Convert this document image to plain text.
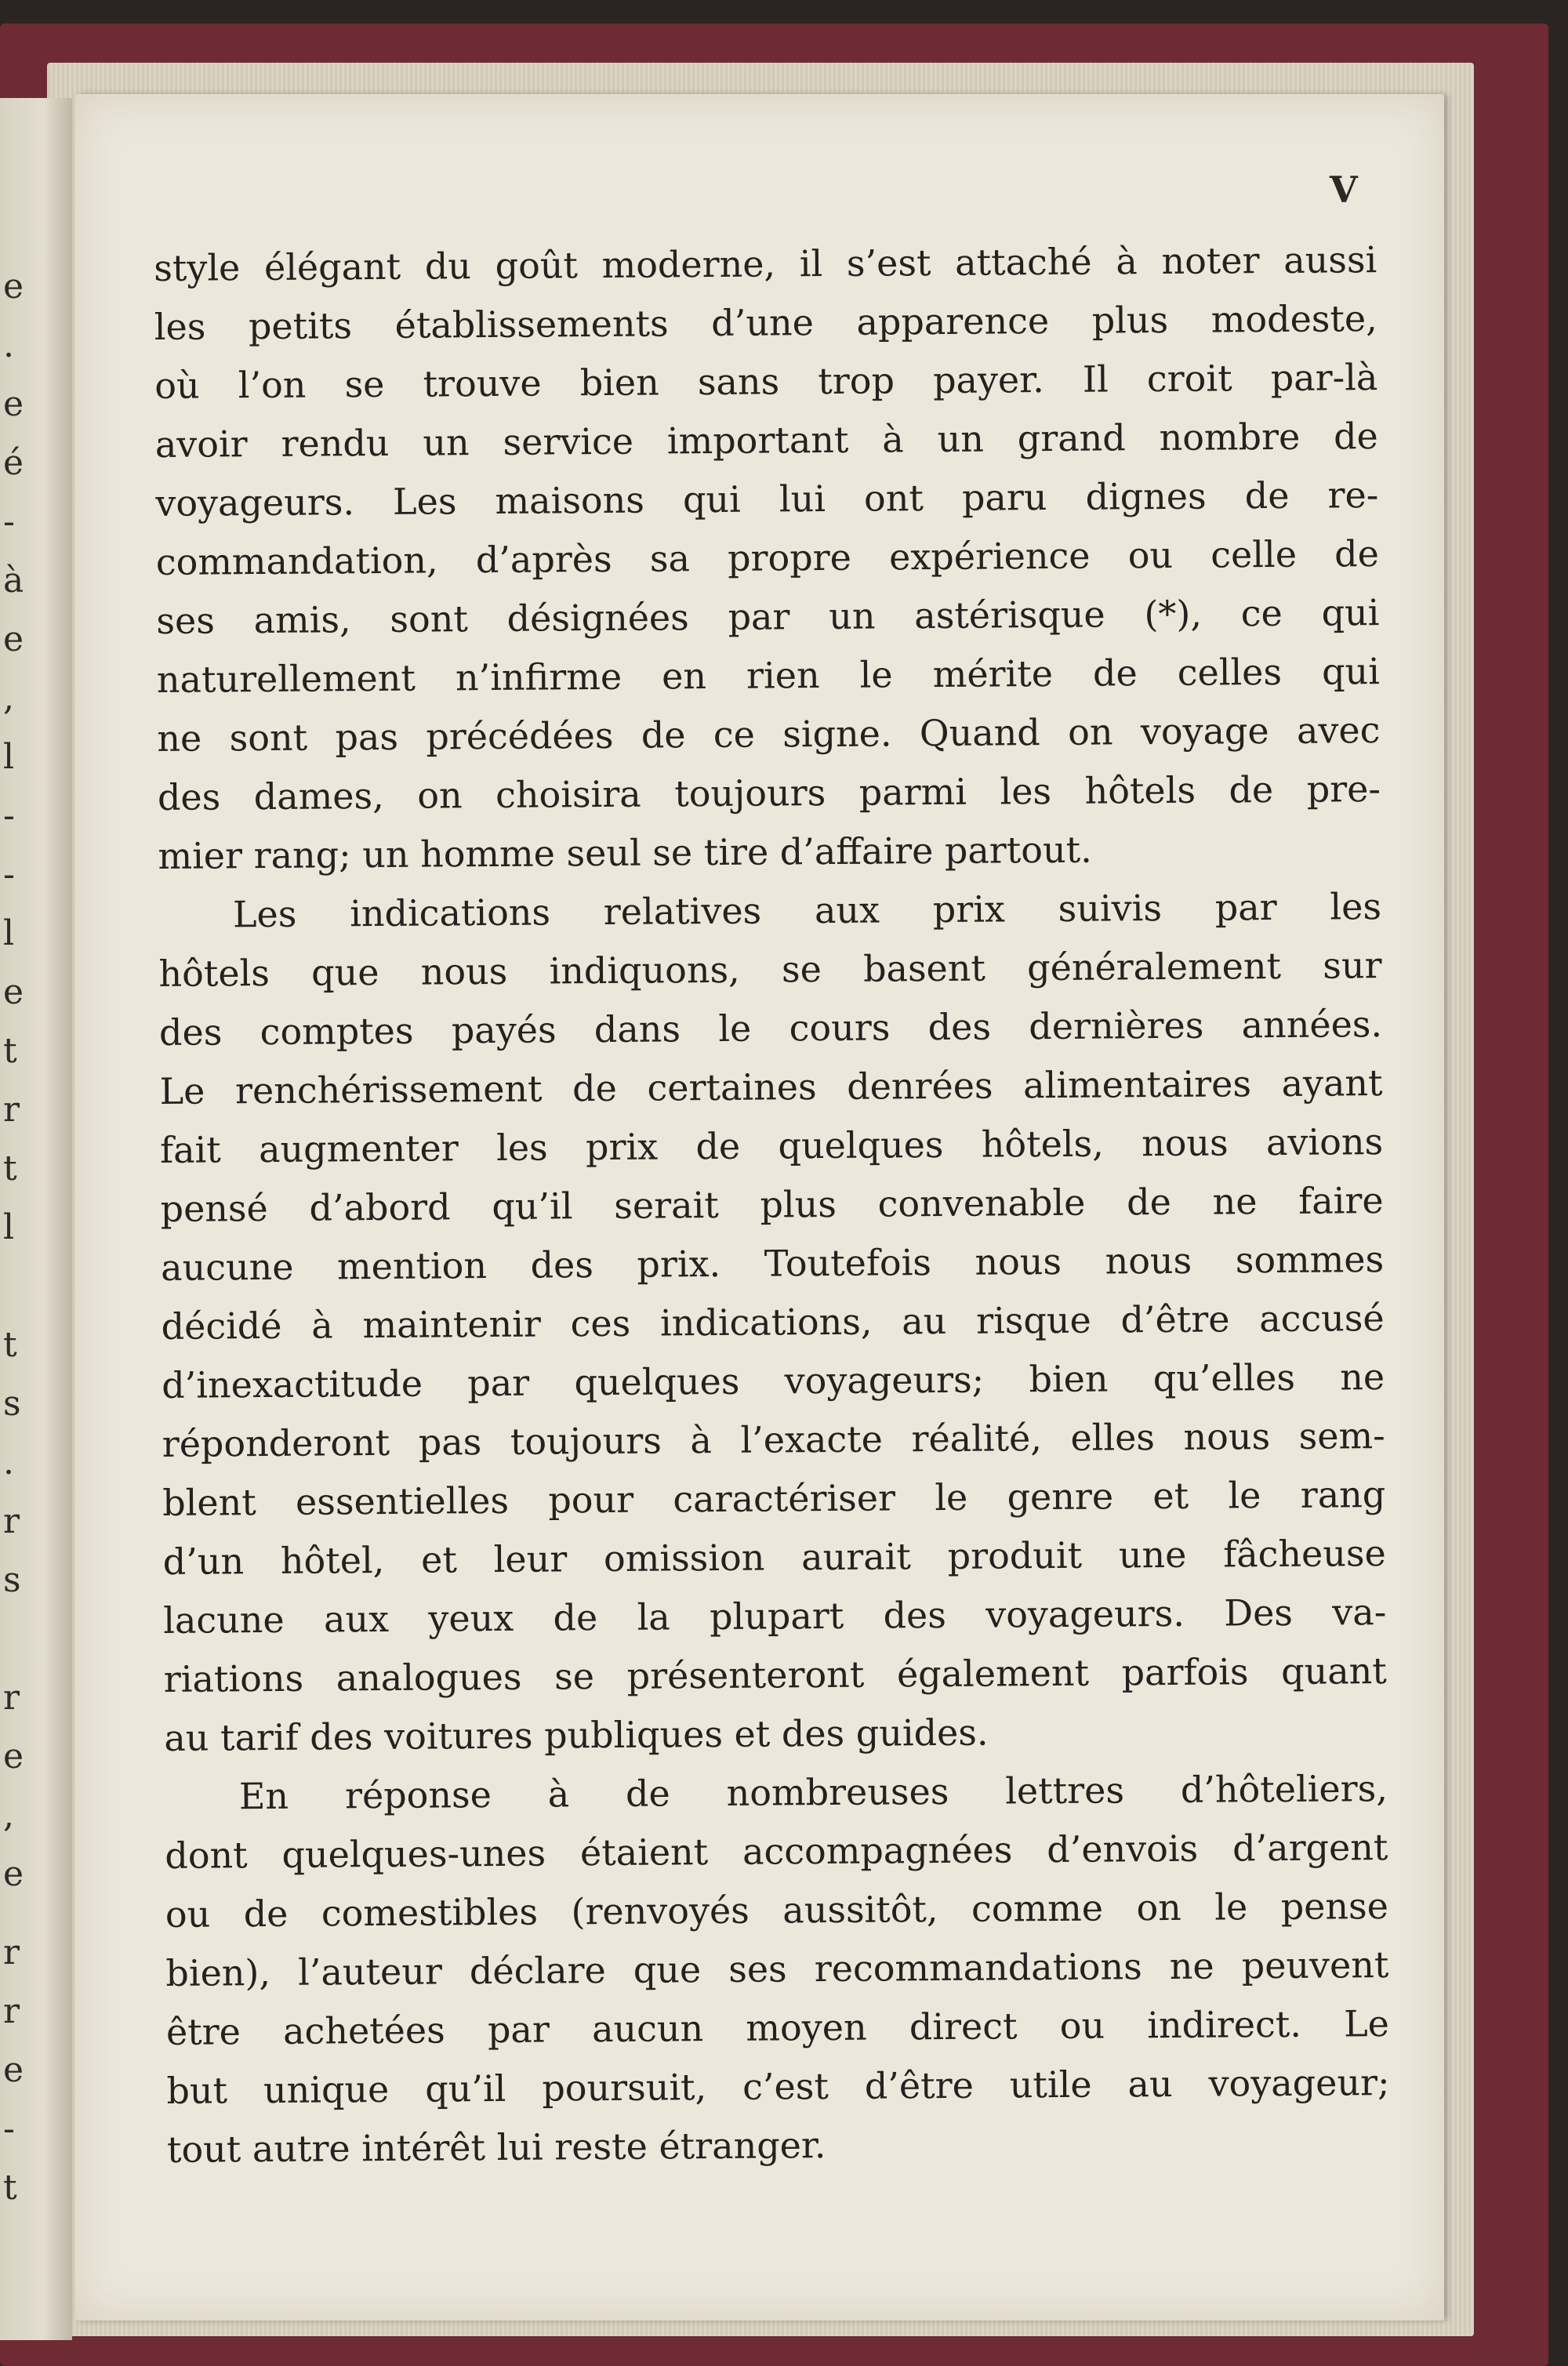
e
.
e
é
-
à
e
,
l
-
-
l
e
t
r
t
l
t
s
.
r
s
r
e
,
e
r
r
e
-
t
V

style élégant du goût moderne, il s’est attaché à noter aussi
les petits établissements d’une apparence plus modeste,
où l’on se trouve bien sans trop payer. Il croit par-là
avoir rendu un service important à un grand nombre de
voyageurs. Les maisons qui lui ont paru dignes de re-
commandation, d’après sa propre expérience ou celle de
ses amis, sont désignées par un astérisque (*), ce qui
naturellement n’infirme en rien le mérite de celles qui
ne sont pas précédées de ce signe. Quand on voyage avec
des dames, on choisira toujours parmi les hôtels de pre-
mier rang; un homme seul se tire d’affaire partout.

Les indications relatives aux prix suivis par les
hôtels que nous indiquons, se basent généralement sur
des comptes payés dans le cours des dernières années.
Le renchérissement de certaines denrées alimentaires ayant
fait augmenter les prix de quelques hôtels, nous avions
pensé d’abord qu’il serait plus convenable de ne faire
aucune mention des prix. Toutefois nous nous sommes
décidé à maintenir ces indications, au risque d’être accusé
d’inexactitude par quelques voyageurs; bien qu’elles ne
réponderont pas toujours à l’exacte réalité, elles nous sem-
blent essentielles pour caractériser le genre et le rang
d’un hôtel, et leur omission aurait produit une fâcheuse
lacune aux yeux de la plupart des voyageurs. Des va-
riations analogues se présenteront également parfois quant
au tarif des voitures publiques et des guides.

En réponse à de nombreuses lettres d’hôteliers,
dont quelques-unes étaient accompagnées d’envois d’argent
ou de comestibles (renvoyés aussitôt, comme on le pense
bien), l’auteur déclare que ses recommandations ne peuvent
être achetées par aucun moyen direct ou indirect. Le
but unique qu’il poursuit, c’est d’être utile au voyageur;
tout autre intérêt lui reste étranger.
